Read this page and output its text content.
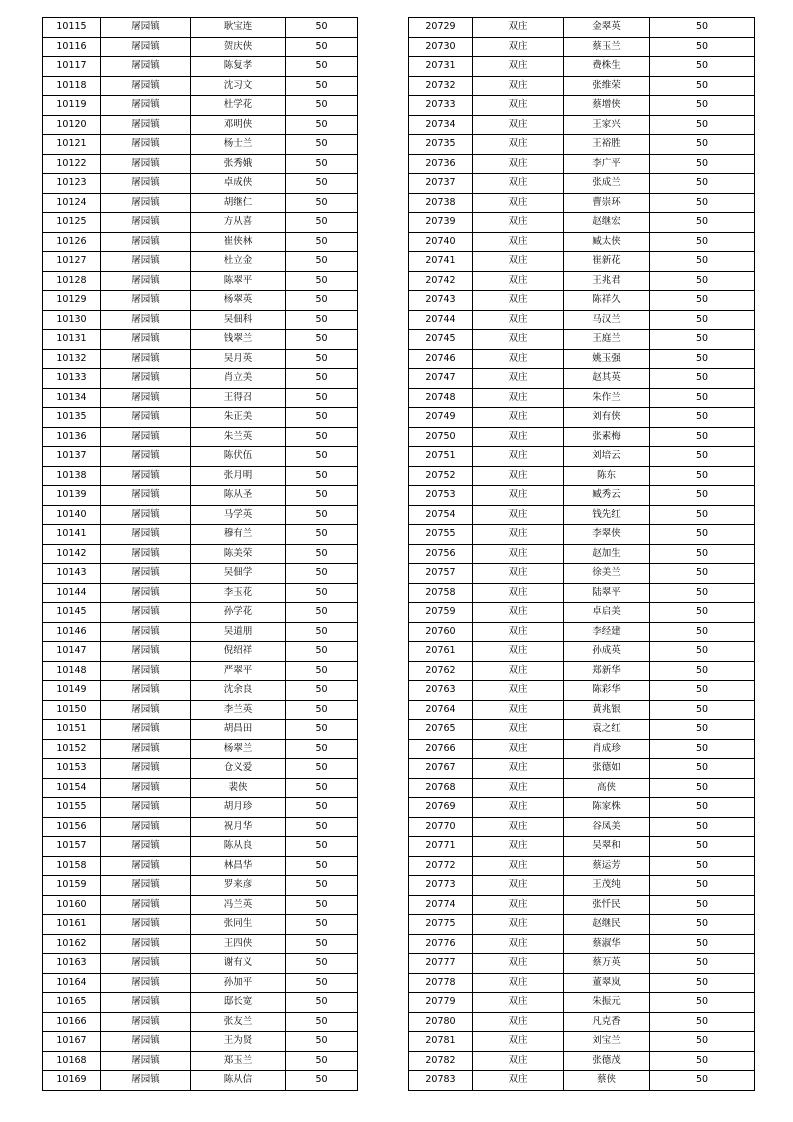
10115	屠园镇	耿宝连	50
10116	屠园镇	贺庆侠	50
10117	屠园镇	陈复孝	50
10118	屠园镇	沈习文	50
10119	屠园镇	杜学花	50
10120	屠园镇	邓明侠	50
10121	屠园镇	杨士兰	50
10122	屠园镇	张秀娥	50
10123	屠园镇	卓成侠	50
10124	屠园镇	胡继仁	50
10125	屠园镇	方从喜	50
10126	屠园镇	崔侠林	50
10127	屠园镇	杜立金	50
10128	屠园镇	陈翠平	50
10129	屠园镇	杨翠英	50
10130	屠园镇	吴佃科	50
10131	屠园镇	钱翠兰	50
10132	屠园镇	吴月英	50
10133	屠园镇	肖立美	50
10134	屠园镇	王得召	50
10135	屠园镇	朱正美	50
10136	屠园镇	朱兰英	50
10137	屠园镇	陈伏伍	50
10138	屠园镇	张月明	50
10139	屠园镇	陈从圣	50
10140	屠园镇	马学英	50
10141	屠园镇	穆有兰	50
10142	屠园镇	陈美荣	50
10143	屠园镇	吴佃学	50
10144	屠园镇	李玉花	50
10145	屠园镇	孙学花	50
10146	屠园镇	吴道朋	50
10147	屠园镇	倪绍祥	50
10148	屠园镇	严翠平	50
10149	屠园镇	沈余良	50
10150	屠园镇	李兰英	50
10151	屠园镇	胡昌田	50
10152	屠园镇	杨翠兰	50
10153	屠园镇	仓义爱	50
10154	屠园镇	裴侠	50
10155	屠园镇	胡月珍	50
10156	屠园镇	祝月华	50
10157	屠园镇	陈从良	50
10158	屠园镇	林昌华	50
10159	屠园镇	罗来彦	50
10160	屠园镇	冯兰英	50
10161	屠园镇	张同生	50
10162	屠园镇	王四侠	50
10163	屠园镇	谢有义	50
10164	屠园镇	孙加平	50
10165	屠园镇	邸长宽	50
10166	屠园镇	张友兰	50
10167	屠园镇	王为贤	50
10168	屠园镇	郑玉兰	50
10169	屠园镇	陈从信	50
20729	双庄	金翠英	50
20730	双庄	蔡玉兰	50
20731	双庄	费株生	50
20732	双庄	张维荣	50
20733	双庄	蔡增侠	50
20734	双庄	王家兴	50
20735	双庄	王裕胜	50
20736	双庄	李广平	50
20737	双庄	张成兰	50
20738	双庄	曹崇环	50
20739	双庄	赵继宏	50
20740	双庄	臧太侠	50
20741	双庄	崔新花	50
20742	双庄	王兆君	50
20743	双庄	陈祥久	50
20744	双庄	马汉兰	50
20745	双庄	王庭兰	50
20746	双庄	姚玉强	50
20747	双庄	赵其英	50
20748	双庄	朱作兰	50
20749	双庄	刘有侠	50
20750	双庄	张素梅	50
20751	双庄	刘培云	50
20752	双庄	陈东	50
20753	双庄	臧秀云	50
20754	双庄	钱先红	50
20755	双庄	李翠侠	50
20756	双庄	赵加生	50
20757	双庄	徐美兰	50
20758	双庄	陆翠平	50
20759	双庄	卓启美	50
20760	双庄	李经建	50
20761	双庄	孙成英	50
20762	双庄	郑新华	50
20763	双庄	陈彩华	50
20764	双庄	黄兆银	50
20765	双庄	袁之红	50
20766	双庄	肖成珍	50
20767	双庄	张德如	50
20768	双庄	高侠	50
20769	双庄	陈家株	50
20770	双庄	谷凤美	50
20771	双庄	吴翠和	50
20772	双庄	蔡运芳	50
20773	双庄	王茂纯	50
20774	双庄	张忏民	50
20775	双庄	赵继民	50
20776	双庄	蔡淑华	50
20777	双庄	蔡万英	50
20778	双庄	董翠岚	50
20779	双庄	朱振元	50
20780	双庄	凡克香	50
20781	双庄	刘宝兰	50
20782	双庄	张德茂	50
20783	双庄	蔡侠	50
